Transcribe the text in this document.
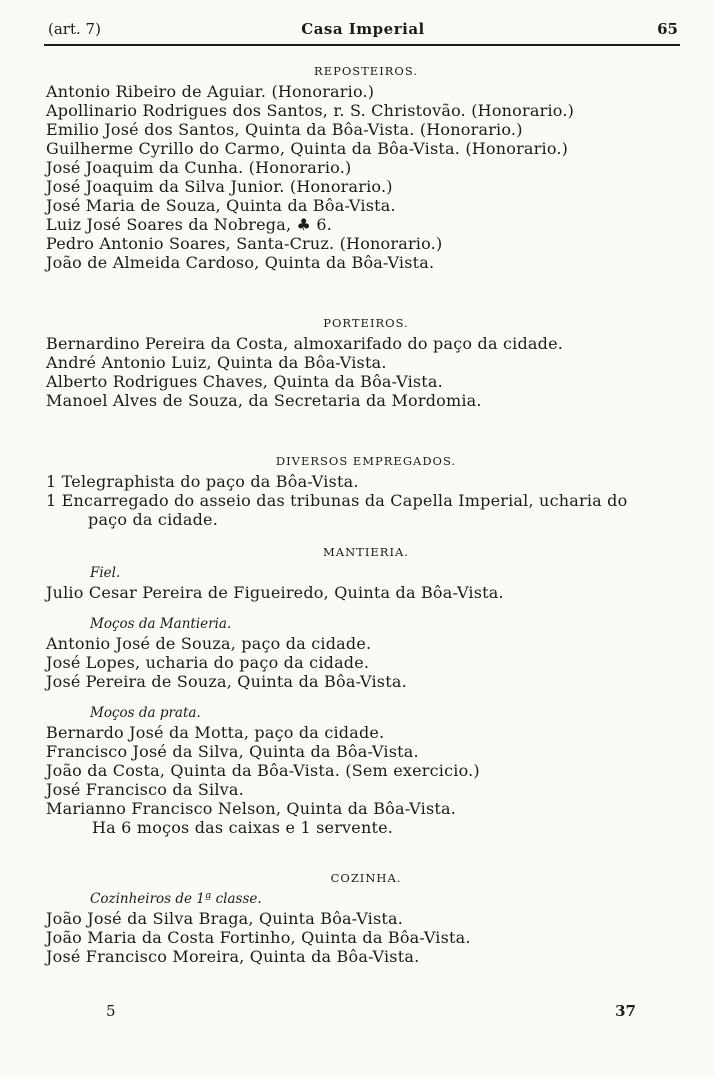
(art. 7)	Casa Imperial	65
REPOSTEIROS.
Antonio Ribeiro de Aguiar. (Honorario.)
Apollinario Rodrigues dos Santos, r. S. Christovão. (Honorario.)
Emilio José dos Santos, Quinta da Bôa-Vista. (Honorario.)
Guilherme Cyrillo do Carmo, Quinta da Bôa-Vista. (Honorario.)
José Joaquim da Cunha. (Honorario.)
José Joaquim da Silva Junior. (Honorario.)
José Maria de Souza, Quinta da Bôa-Vista.
Luiz José Soares da Nobrega, ♣ 6.
Pedro Antonio Soares, Santa-Cruz. (Honorario.)
João de Almeida Cardoso, Quinta da Bôa-Vista.
PORTEIROS.
Bernardino Pereira da Costa, almoxarifado do paço da cidade.
André Antonio Luiz, Quinta da Bôa-Vista.
Alberto Rodrigues Chaves, Quinta da Bôa-Vista.
Manoel Alves de Souza, da Secretaria da Mordomia.
DIVERSOS EMPREGADOS.
1 Telegraphista do paço da Bôa-Vista.
1 Encarregado do asseio das tribunas da Capella Imperial, ucharia do
paço da cidade.
MANTIERIA.
Fiel.
Julio Cesar Pereira de Figueiredo, Quinta da Bôa-Vista.
Moços da Mantieria.
Antonio José de Souza, paço da cidade.
José Lopes, ucharia do paço da cidade.
José Pereira de Souza, Quinta da Bôa-Vista.
Moços da prata.
Bernardo José da Motta, paço da cidade.
Francisco José da Silva, Quinta da Bôa-Vista.
João da Costa, Quinta da Bôa-Vista. (Sem exercicio.)
José Francisco da Silva.
Marianno Francisco Nelson, Quinta da Bôa-Vista.
Ha 6 moços das caixas e 1 servente.
COZINHA.
Cozinheiros de 1ª classe.
João José da Silva Braga, Quinta Bôa-Vista.
João Maria da Costa Fortinho, Quinta da Bôa-Vista.
José Francisco Moreira, Quinta da Bôa-Vista.
5	37
